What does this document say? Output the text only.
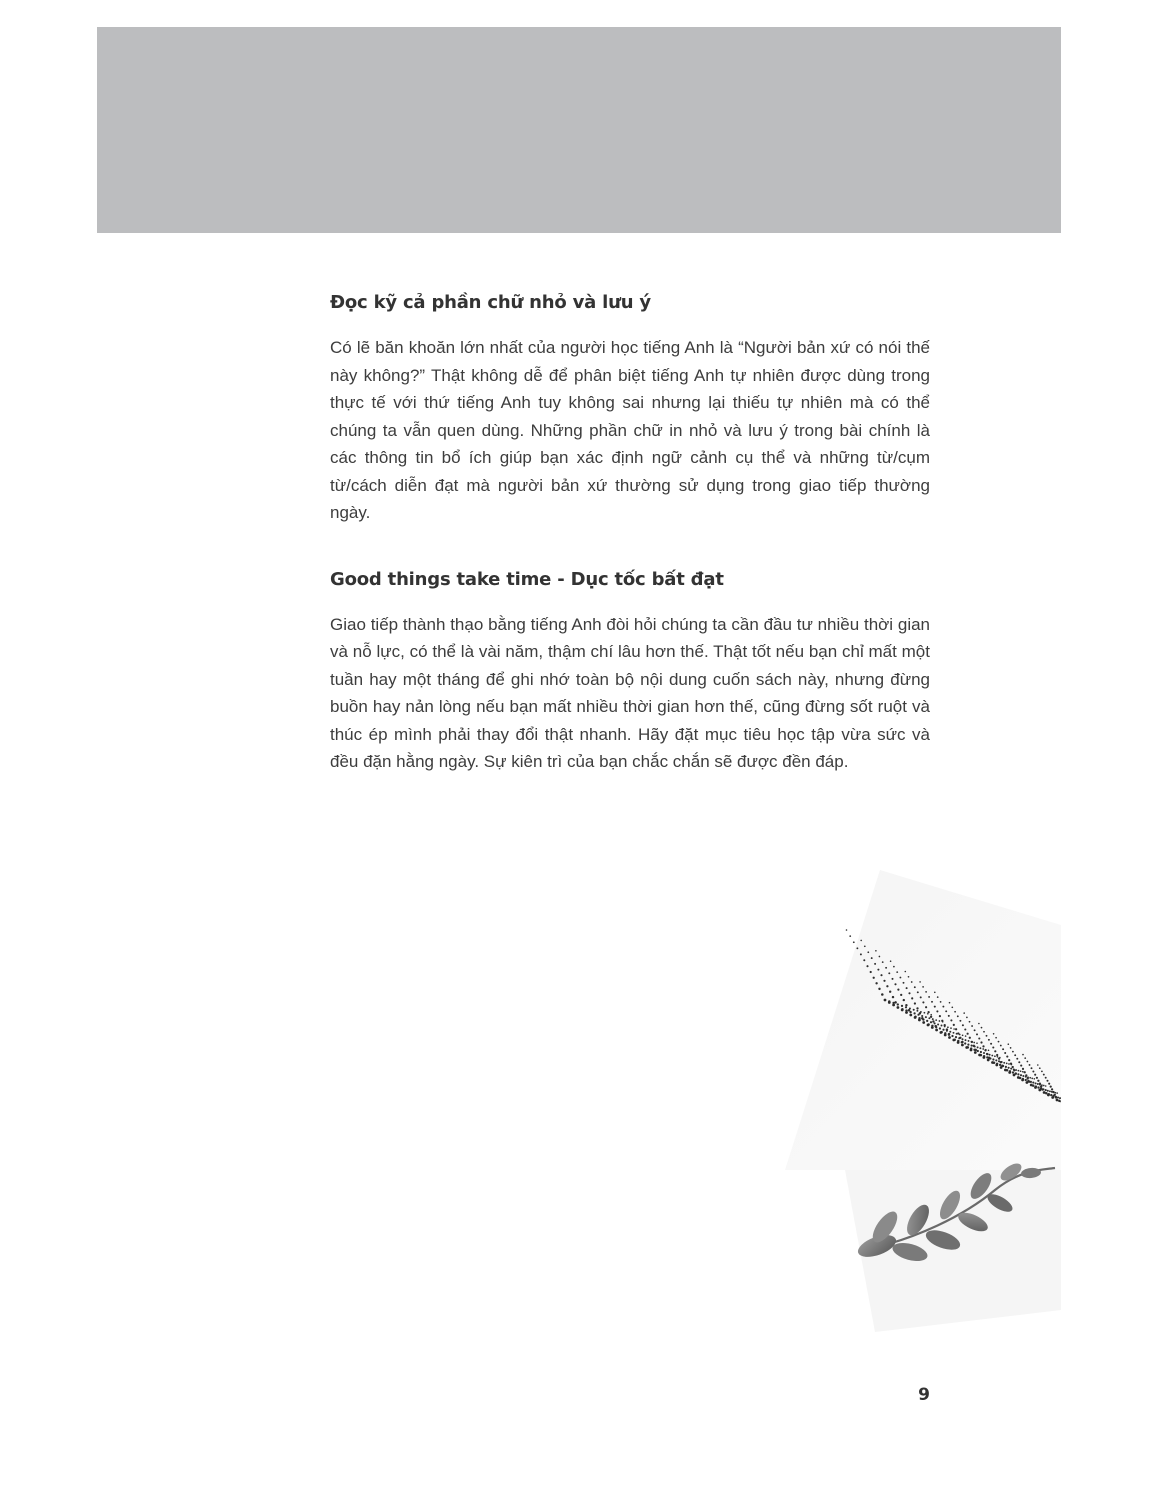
Đọc kỹ cả phần chữ nhỏ và lưu ý

Có lẽ băn khoăn lớn nhất của người học tiếng Anh là “Người bản xứ có nói thế này không?” Thật không dễ để phân biệt tiếng Anh tự nhiên được dùng trong thực tế với thứ tiếng Anh tuy không sai nhưng lại thiếu tự nhiên mà có thể chúng ta vẫn quen dùng. Những phần chữ in nhỏ và lưu ý trong bài chính là các thông tin bổ ích giúp bạn xác định ngữ cảnh cụ thể và những từ/cụm từ/cách diễn đạt mà người bản xứ thường sử dụng trong giao tiếp thường ngày.

Good things take time - Dục tốc bất đạt

Giao tiếp thành thạo bằng tiếng Anh đòi hỏi chúng ta cần đầu tư nhiều thời gian và nỗ lực, có thể là vài năm, thậm chí lâu hơn thế. Thật tốt nếu bạn chỉ mất một tuần hay một tháng để ghi nhớ toàn bộ nội dung cuốn sách này, nhưng đừng buồn hay nản lòng nếu bạn mất nhiều thời gian hơn thế, cũng đừng sốt ruột và thúc ép mình phải thay đổi thật nhanh. Hãy đặt mục tiêu học tập vừa sức và đều đặn hằng ngày. Sự kiên trì của bạn chắc chắn sẽ được đền đáp.

9
